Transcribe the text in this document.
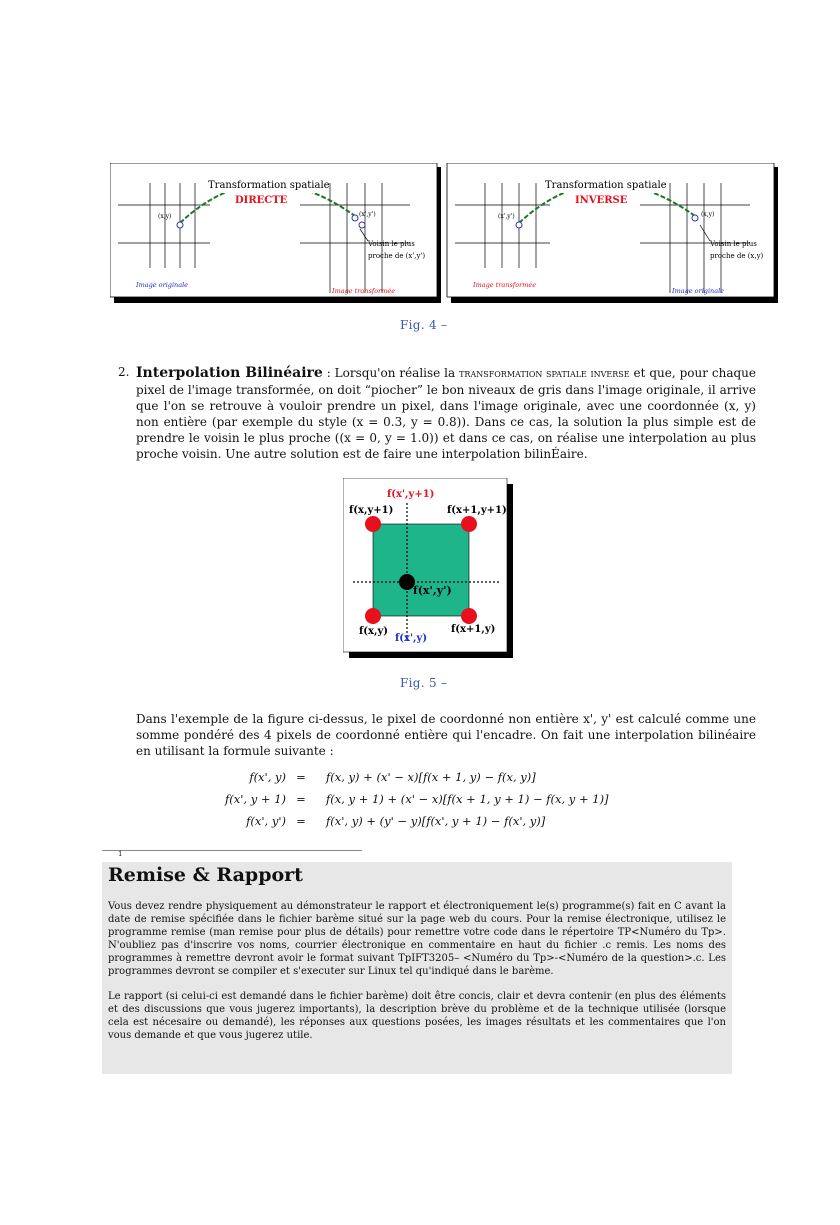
(x,y)	(x',y')
Transformation spatiale
DIRECTE
Voisin le plus
proche de (x',y')
Image originale
Image transformée
(x',y')	(x,y)
Transformation spatiale
INVERSE
Voisin le plus
proche de (x,y)
Image transformée
Image originale
Fig. 4 –
2. Interpolation Bilinéaire : Lorsqu'on réalise la transformation spatiale inverse et que, pour chaque pixel de l'image transformée, on doit “piocher” le bon niveaux de gris dans l'image originale, il arrive que l'on se retrouve à vouloir prendre un pixel, dans l'image originale, avec une coordonnée (x, y) non entière (par exemple du style (x = 0.3, y = 0.8)). Dans ce cas, la solution la plus simple est de prendre le voisin le plus proche ((x = 0, y = 1.0)) et dans ce cas, on réalise une interpolation au plus proche voisin. Une autre solution est de faire une interpolation bilinÉaire.
f(x',y+1)
f(x,y+1)	f(x+1,y+1)
f(x',y')
f(x,y)	f(x+1,y)
f(x',y)
Fig. 5 –
Dans l'exemple de la figure ci-dessus, le pixel de coordonné non entière x', y' est calculé comme une somme pondéré des 4 pixels de coordonné entière qui l'encadre. On fait une interpolation bilinéaire en utilisant la formule suivante :
f(x', y) =	f(x, y) + (x' − x)[f(x + 1, y) − f(x, y)]
f(x', y + 1) =	f(x, y + 1) + (x' − x)[f(x + 1, y + 1) − f(x, y + 1)]
f(x', y') =	f(x', y) + (y' − y)[f(x', y + 1) − f(x', y)]
1
Remise & Rapport
Vous devez rendre physiquement au démonstrateur le rapport et électroniquement le(s) programme(s) fait en C avant la date de remise spécifiée dans le fichier barème situé sur la page web du cours. Pour la remise électronique, utilisez le programme remise (man remise pour plus de détails) pour remettre votre code dans le répertoire TP<Numéro du Tp>. N'oubliez pas d'inscrire vos noms, courrier électronique en commentaire en haut du fichier .c remis. Les noms des programmes à remettre devront avoir le format suivant TpIFT3205– <Numéro du Tp>-<Numéro de la question>.c. Les programmes devront se compiler et s'executer sur Linux tel qu'indiqué dans le barème.
Le rapport (si celui-ci est demandé dans le fichier barème) doit être concis, clair et devra contenir (en plus des éléments et des discussions que vous jugerez importants), la description brève du problème et de la technique utilisée (lorsque cela est nécesaire ou demandé), les réponses aux questions posées, les images résultats et les commentaires que l'on vous demande et que vous jugerez utile.
